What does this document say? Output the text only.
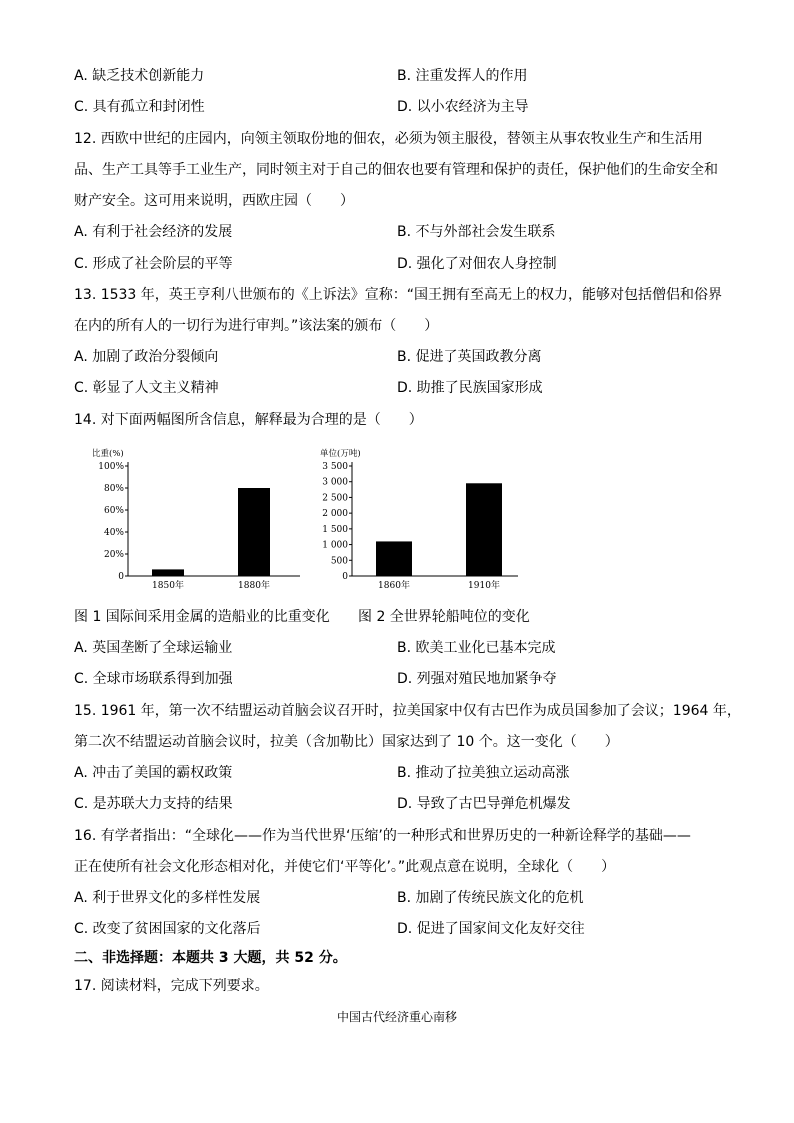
A. 缺乏技术创新能力	B. 注重发挥人的作用
C. 具有孤立和封闭性	D. 以小农经济为主导
12. 西欧中世纪的庄园内，向领主领取份地的佃农，必须为领主服役，替领主从事农牧业生产和生活用
品、生产工具等手工业生产，同时领主对于自己的佃农也要有管理和保护的责任，保护他们的生命安全和
财产安全。这可用来说明，西欧庄园（　　）
A. 有利于社会经济的发展	B. 不与外部社会发生联系
C. 形成了社会阶层的平等	D. 强化了对佃农人身控制
13. 1533 年，英王亨利八世颁布的《上诉法》宣称：“国王拥有至高无上的权力，能够对包括僧侣和俗界
在内的所有人的一切行为进行审判。”该法案的颁布（　　）
A. 加剧了政治分裂倾向	B. 促进了英国政教分离
C. 彰显了人文主义精神	D. 助推了民族国家形成
14. 对下面两幅图所含信息，解释最为合理的是（　　）
比重(%)
0
20%
40%
60%
80%
100%
1850年	1880年
单位(万吨)
0
500
1 000
1 500
2 000
2 500
3 000
3 500
1860年	1910年
图 1 国际间采用金属的造船业的比重变化 图 2 全世界轮船吨位的变化
A. 英国垄断了全球运输业	B. 欧美工业化已基本完成
C. 全球市场联系得到加强	D. 列强对殖民地加紧争夺
15. 1961 年，第一次不结盟运动首脑会议召开时，拉美国家中仅有古巴作为成员国参加了会议；1964 年，
第二次不结盟运动首脑会议时，拉美（含加勒比）国家达到了 10 个。这一变化（　　）
A. 冲击了美国的霸权政策	B. 推动了拉美独立运动高涨
C. 是苏联大力支持的结果	D. 导致了古巴导弹危机爆发
16. 有学者指出：“全球化——作为当代世界‘压缩’的一种形式和世界历史的一种新诠释学的基础——
正在使所有社会文化形态相对化，并使它们‘平等化’。”此观点意在说明，全球化（　　）
A. 利于世界文化的多样性发展	B. 加剧了传统民族文化的危机
C. 改变了贫困国家的文化落后	D. 促进了国家间文化友好交往
二、非选择题：本题共 3 大题，共 52 分。
17. 阅读材料，完成下列要求。
中国古代经济重心南移
